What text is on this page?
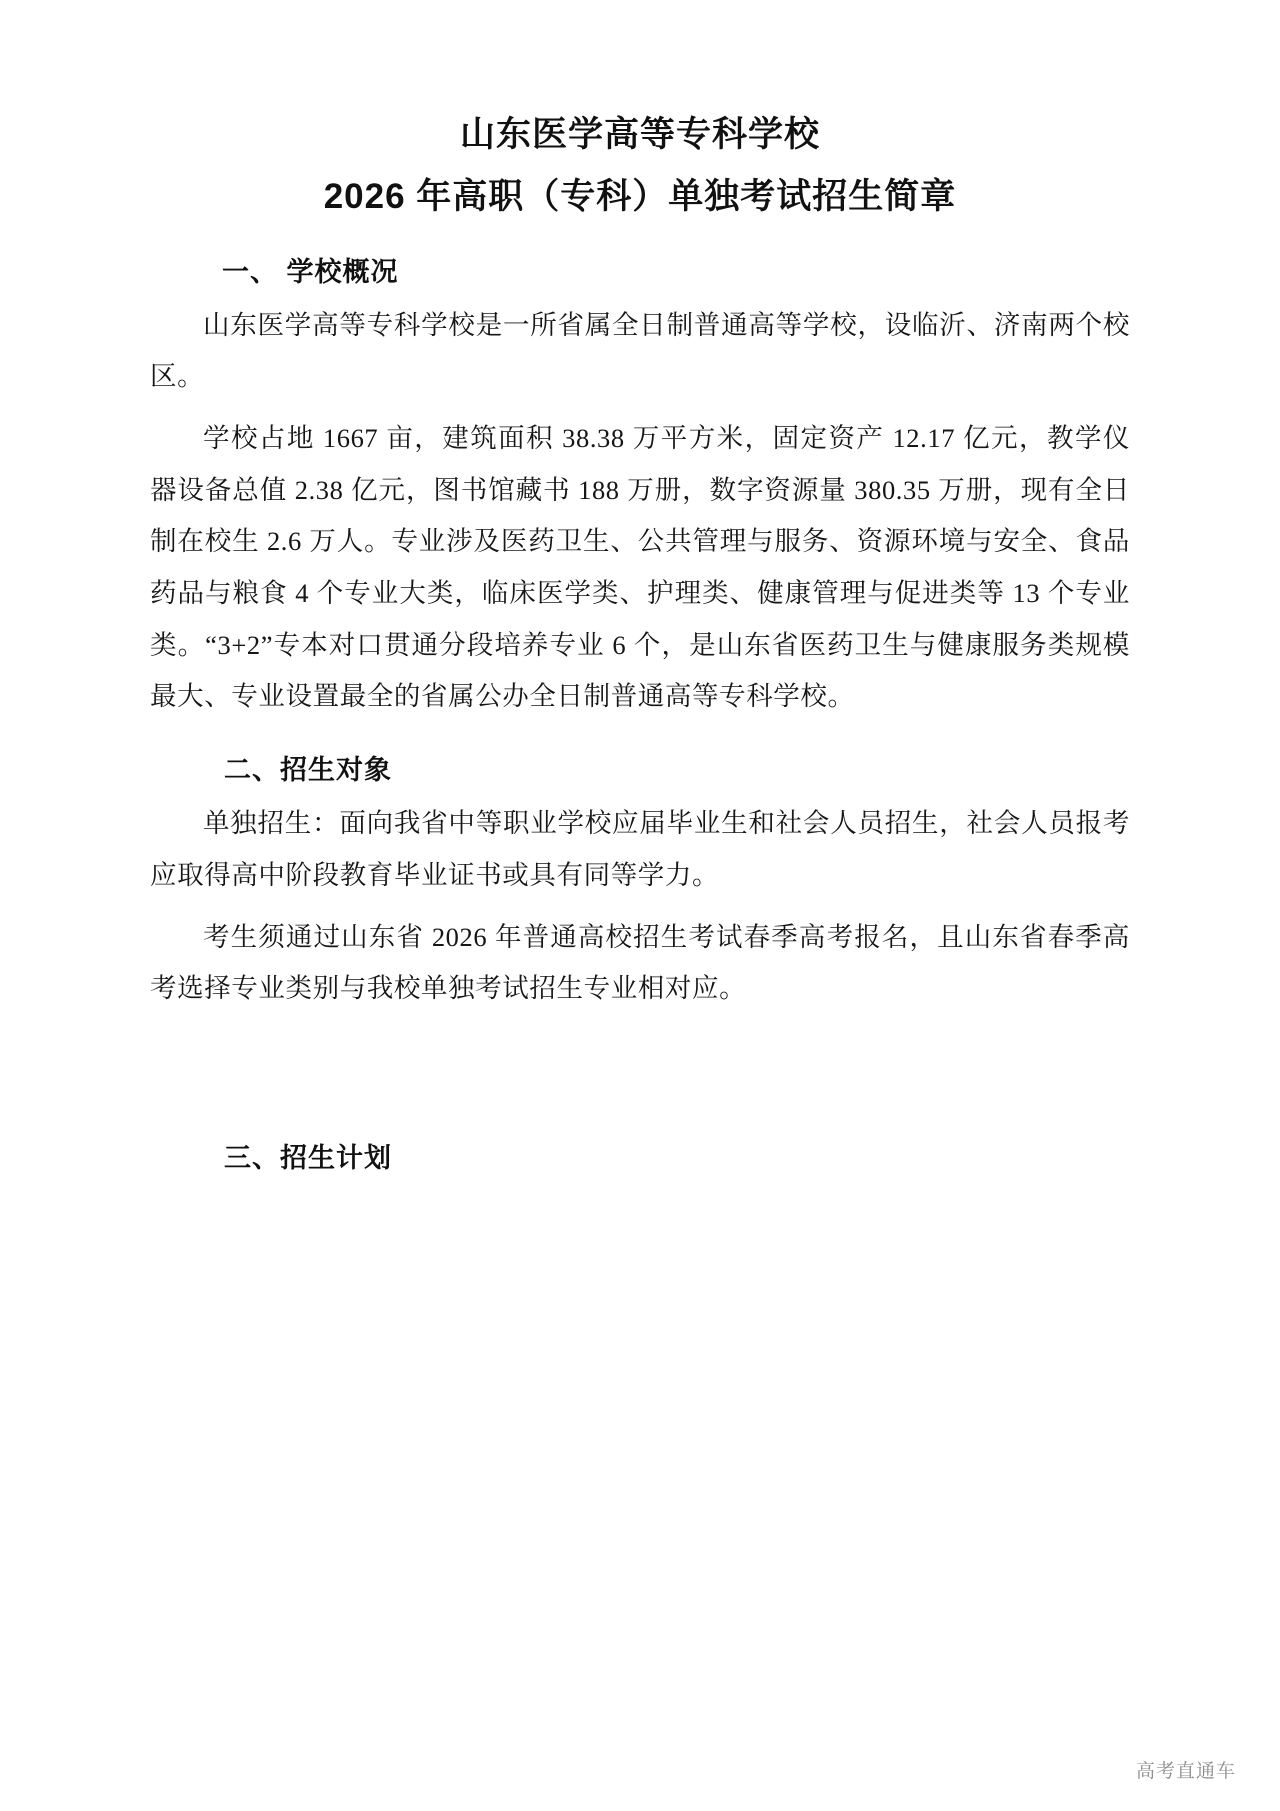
山东医学高等专科学校
2026 年高职（专科）单独考试招生简章
一、 学校概况

山东医学高等专科学校是一所省属全日制普通高等学校，设临沂、济南两个校区。

学校占地 1667 亩，建筑面积 38.38 万平方米，固定资产 12.17 亿元，教学仪器设备总值 2.38 亿元，图书馆藏书 188 万册，数字资源量 380.35 万册，现有全日制在校生 2.6 万人。专业涉及医药卫生、公共管理与服务、资源环境与安全、食品药品与粮食 4 个专业大类，临床医学类、护理类、健康管理与促进类等 13 个专业类。“3+2”专本对口贯通分段培养专业 6 个，是山东省医药卫生与健康服务类规模最大、专业设置最全的省属公办全日制普通高等专科学校。

二、招生对象

单独招生：面向我省中等职业学校应届毕业生和社会人员招生，社会人员报考应取得高中阶段教育毕业证书或具有同等学力。

考生须通过山东省 2026 年普通高校招生考试春季高考报名，且山东省春季高考选择专业类别与我校单独考试招生专业相对应。

三、招生计划
高考直通车
